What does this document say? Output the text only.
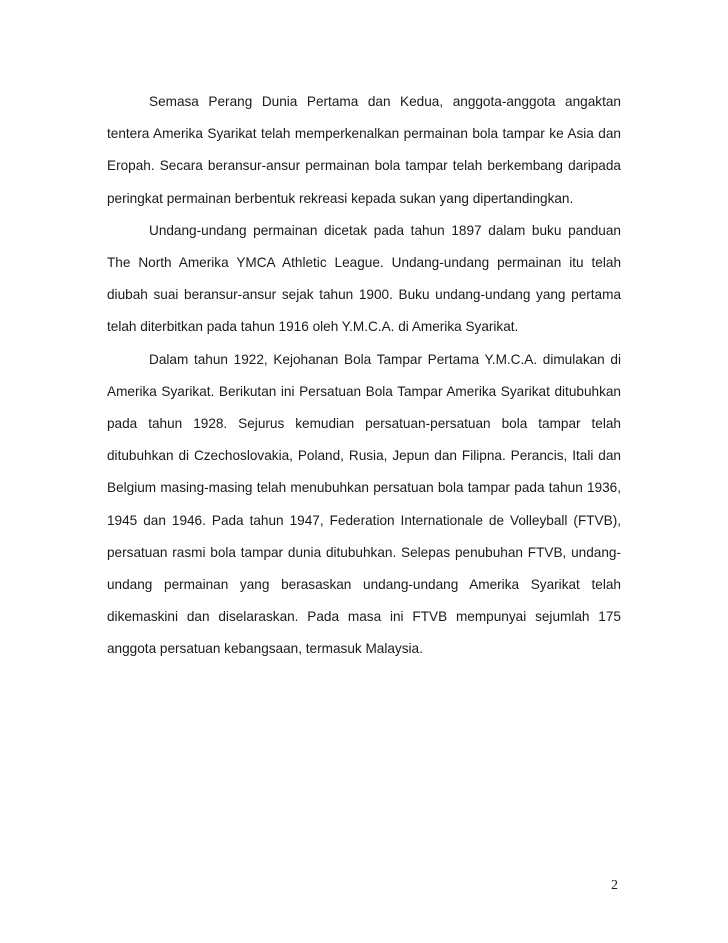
Semasa Perang Dunia Pertama dan Kedua, anggota-anggota angaktan tentera Amerika Syarikat telah memperkenalkan permainan bola tampar ke Asia dan Eropah. Secara beransur-ansur permainan bola tampar telah berkembang daripada peringkat permainan berbentuk rekreasi kepada sukan yang dipertandingkan.

Undang-undang permainan dicetak pada tahun 1897 dalam buku panduan The North Amerika YMCA Athletic League. Undang-undang permainan itu telah diubah suai beransur-ansur sejak tahun 1900. Buku undang-undang yang pertama telah diterbitkan pada tahun 1916 oleh Y.M.C.A. di Amerika Syarikat.

Dalam tahun 1922, Kejohanan Bola Tampar Pertama Y.M.C.A. dimulakan di Amerika Syarikat. Berikutan ini Persatuan Bola Tampar Amerika Syarikat ditubuhkan pada tahun 1928. Sejurus kemudian persatuan-persatuan bola tampar telah ditubuhkan di Czechoslovakia, Poland, Rusia, Jepun dan Filipna. Perancis, Itali dan Belgium masing-masing telah menubuhkan persatuan bola tampar pada tahun 1936, 1945 dan 1946. Pada tahun 1947, Federation Internationale de Volleyball (FTVB), persatuan rasmi bola tampar dunia ditubuhkan. Selepas penubuhan FTVB, undang-undang permainan yang berasaskan undang-undang Amerika Syarikat telah dikemaskini dan diselaraskan. Pada masa ini FTVB mempunyai sejumlah 175 anggota persatuan kebangsaan, termasuk Malaysia.

2
